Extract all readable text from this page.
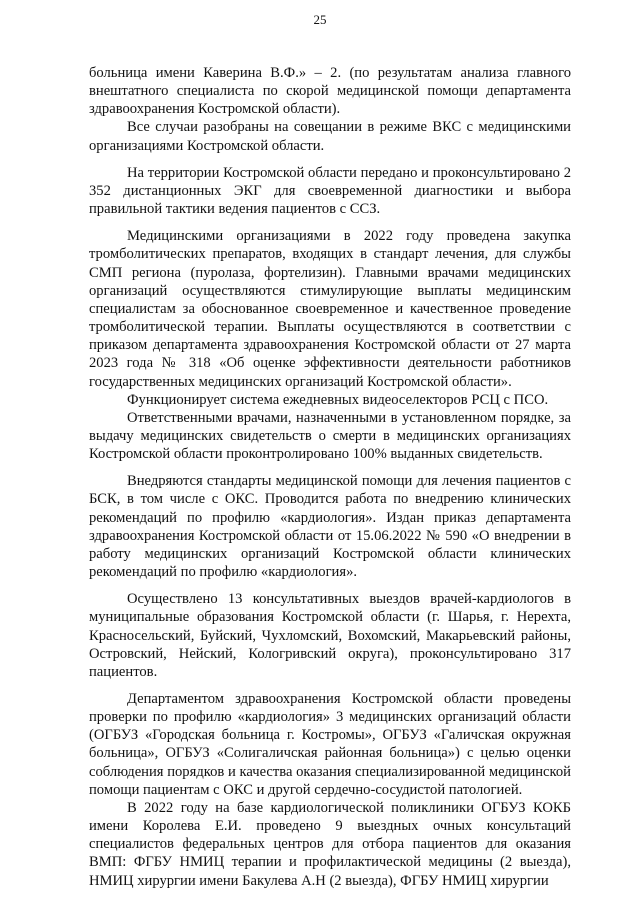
25

больница имени Каверина В.Ф.» – 2. (по результатам анализа главного внештатного специалиста по скорой медицинской помощи департамента здравоохранения Костромской области).

Все случаи разобраны на совещании в режиме ВКС с медицинскими организациями Костромской области.

На территории Костромской области передано и проконсультировано 2 352 дистанционных ЭКГ для своевременной диагностики и выбора правильной тактики ведения пациентов с ССЗ.

Медицинскими организациями в 2022 году проведена закупка тромболитических препаратов, входящих в стандарт лечения, для службы СМП региона (пуролаза, фортелизин). Главными врачами медицинских организаций осуществляются стимулирующие выплаты медицинским специалистам за обоснованное своевременное и качественное проведение тромболитической терапии. Выплаты осуществляются в соответствии с приказом департамента здравоохранения Костромской области от 27 марта 2023 года № 318 «Об оценке эффективности деятельности работников государственных медицинских организаций Костромской области».

Функционирует система ежедневных видеоселекторов РСЦ с ПСО.

Ответственными врачами, назначенными в установленном порядке, за выдачу медицинских свидетельств о смерти в медицинских организациях Костромской области проконтролировано 100% выданных свидетельств.

Внедряются стандарты медицинской помощи для лечения пациентов с БСК, в том числе с ОКС. Проводится работа по внедрению клинических рекомендаций по профилю «кардиология». Издан приказ департамента здравоохранения Костромской области от 15.06.2022 № 590 «О внедрении в работу медицинских организаций Костромской области клинических рекомендаций по профилю «кардиология».

Осуществлено 13 консультативных выездов врачей-кардиологов в муниципальные образования Костромской области (г. Шарья, г. Нерехта, Красносельский, Буйский, Чухломский, Вохомский, Макарьевский районы, Островский, Нейский, Кологривский округа), проконсультировано 317 пациентов.

Департаментом здравоохранения Костромской области проведены проверки по профилю «кардиология» 3 медицинских организаций области (ОГБУЗ «Городская больница г. Костромы», ОГБУЗ «Галичская окружная больница», ОГБУЗ «Солигаличская районная больница») с целью оценки соблюдения порядков и качества оказания специализированной медицинской помощи пациентам с ОКС и другой сердечно-сосудистой патологией.

В 2022 году на базе кардиологической поликлиники ОГБУЗ КОКБ имени Королева Е.И. проведено 9 выездных очных консультаций специалистов федеральных центров для отбора пациентов для оказания ВМП: ФГБУ НМИЦ терапии и профилактической медицины (2 выезда), НМИЦ хирургии имени Бакулева А.Н (2 выезда), ФГБУ НМИЦ хирургии
